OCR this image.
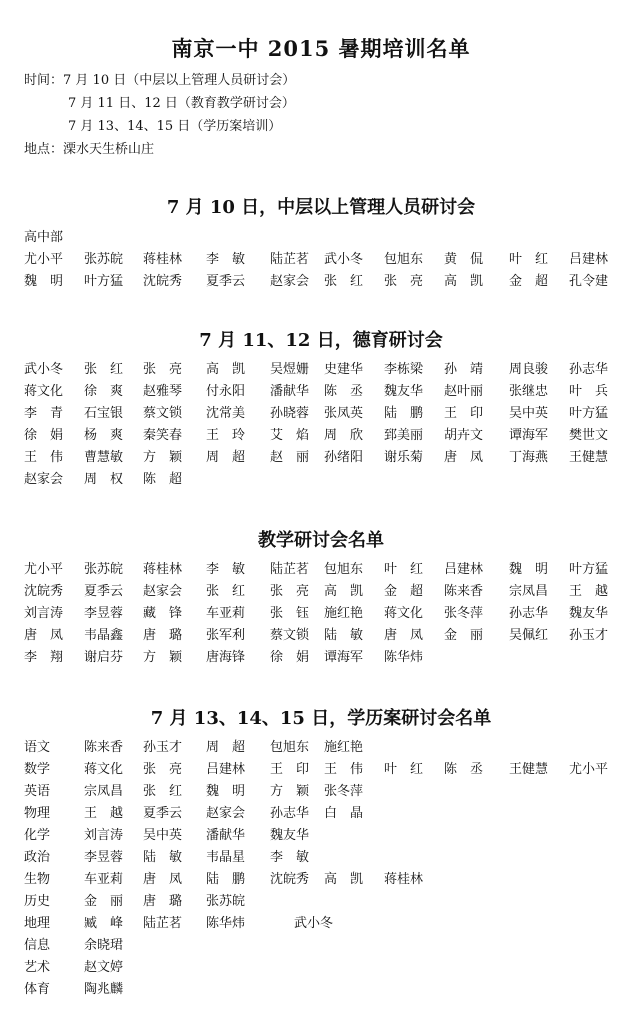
南京一中 2015 暑期培训名单
时间：7 月 10 日（中层以上管理人员研讨会）
7 月 11 日、12 日（教育教学研讨会）
7 月 13、14、15 日（学历案培训）
地点：溧水天生桥山庄
7 月 10 日，中层以上管理人员研讨会
高中部
尤小平 张苏皖 蒋桂林 李　敏 陆芷茗 武小冬 包旭东 黄　侃 叶　红 吕建林
魏　明 叶方猛 沈皖秀 夏季云 赵家会 张　红 张　亮 高　凯 金　超 孔令建
7 月 11、12 日，德育研讨会
武小冬 张　红 张　亮 高　凯 吴煜姗 史建华 李栋梁 孙　靖 周良骏 孙志华
蒋文化 徐　爽 赵雅琴 付永阳 潘献华 陈　丞 魏友华 赵叶丽 张继忠 叶　兵
李　青 石宝银 蔡文锁 沈常美 孙晓蓉 张凤英 陆　鹏 王　印 吴中英 叶方猛
徐　娟 杨　爽 秦笑春 王　玲 艾　焰 周　欣 郅美丽 胡卉文 谭海军 樊世文
王　伟 曹慧敏 方　颖 周　超 赵　丽 孙绪阳 谢乐菊 唐　凤 丁海燕 王健慧
赵家会 周　权 陈　超
教学研讨会名单
尤小平 张苏皖 蒋桂林 李　敏 陆芷茗 包旭东 叶　红 吕建林 魏　明 叶方猛
沈皖秀 夏季云 赵家会 张　红 张　亮 高　凯 金　超 陈来香 宗凤昌 王　越
刘言涛 李昱蓉 藏　锋 车亚莉 张　钰 施红艳 蒋文化 张冬萍 孙志华 魏友华
唐　凤 韦晶鑫 唐　璐 张军利 蔡文锁 陆　敏 唐　凤 金　丽 吴佩红 孙玉才
李　翔 谢启芬 方　颖 唐海锋 徐　娟 谭海军 陈华炜
7 月 13、14、15 日，学历案研讨会名单
语文	陈来香 孙玉才 周　超 包旭东 施红艳
数学	蒋文化 张　亮 吕建林 王　印 王　伟 叶　红 陈　丞 王健慧 尤小平
英语	宗凤昌 张　红 魏　明 方　颖 张冬萍
物理	王　越 夏季云 赵家会 孙志华 白　晶
化学	刘言涛 吴中英 潘献华 魏友华
政治	李昱蓉 陆　敏 韦晶星 李　敏
生物	车亚莉 唐　凤 陆　鹏 沈皖秀 高　凯 蒋桂林
历史	金　丽 唐　璐 张苏皖
地理	臧　峰 陆芷茗 陈华炜	武小冬
信息	余晓珺
艺术	赵文婷
体育	陶兆麟
